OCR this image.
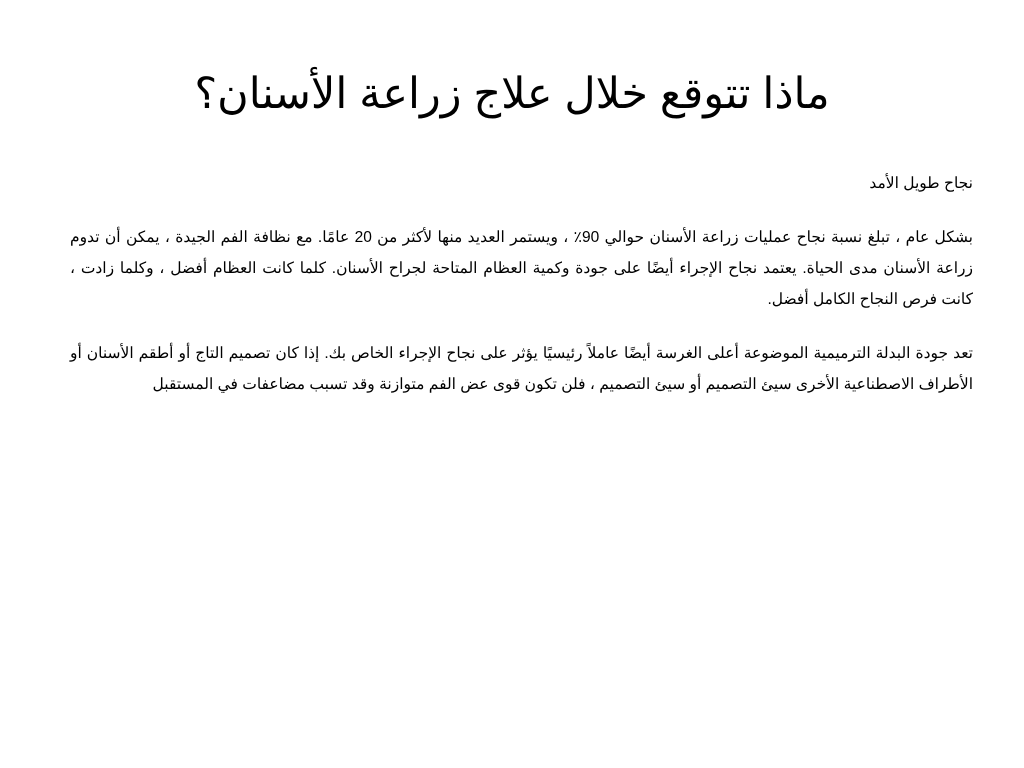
ماذا تتوقع خلال علاج زراعة الأسنان؟

نجاح طويل الأمد

بشكل عام ، تبلغ نسبة نجاح عمليات زراعة الأسنان حوالي 90٪ ، ويستمر العديد منها لأكثر من 20 عامًا. مع نظافة الفم الجيدة ، يمكن أن تدوم زراعة الأسنان مدى الحياة. يعتمد نجاح الإجراء أيضًا على جودة وكمية العظام المتاحة لجراح الأسنان. كلما كانت العظام أفضل ، وكلما زادت ، كانت فرص النجاح الكامل أفضل.

تعد جودة البدلة الترميمية الموضوعة أعلى الغرسة أيضًا عاملاً رئيسيًا يؤثر على نجاح الإجراء الخاص بك. إذا كان تصميم التاج أو أطقم الأسنان أو الأطراف الاصطناعية الأخرى سيئ التصميم أو سيئ التصميم ، فلن تكون قوى عض الفم متوازنة وقد تسبب مضاعفات في المستقبل
